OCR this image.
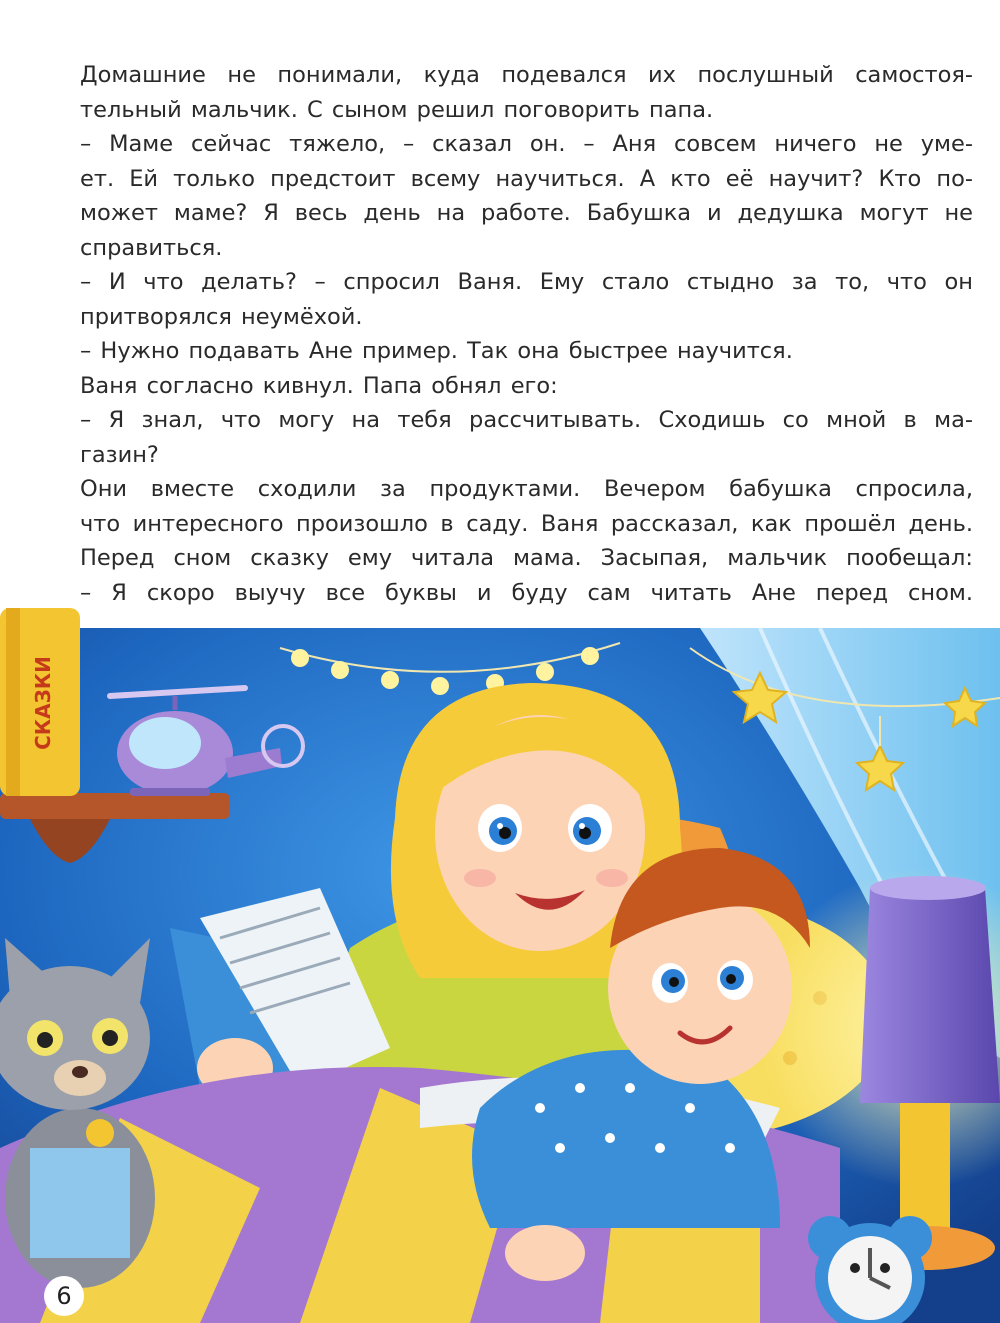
Домашние не понимали, куда подевался их послушный самостоя-

тельный мальчик. С сыном решил поговорить папа.

– Маме сейчас тяжело, – сказал он. – Аня совсем ничего не уме-

ет. Ей только предстоит всему научиться. А кто её научит? Кто по-

может маме? Я весь день на работе. Бабушка и дедушка могут не

справиться.

– И что делать? – спросил Ваня. Ему стало стыдно за то, что он

притворялся неумёхой.

– Нужно подавать Ане пример. Так она быстрее научится.

Ваня согласно кивнул. Папа обнял его:

– Я знал, что могу на тебя рассчитывать. Сходишь со мной в ма-

газин?

Они вместе сходили за продуктами. Вечером бабушка спросила,

что интересного произошло в саду. Ваня рассказал, как прошёл день.

Перед сном сказку ему читала мама. Засыпая, мальчик пообещал:

– Я скоро выучу все буквы и буду сам читать Ане перед сном.

СКАЗКИ
6
